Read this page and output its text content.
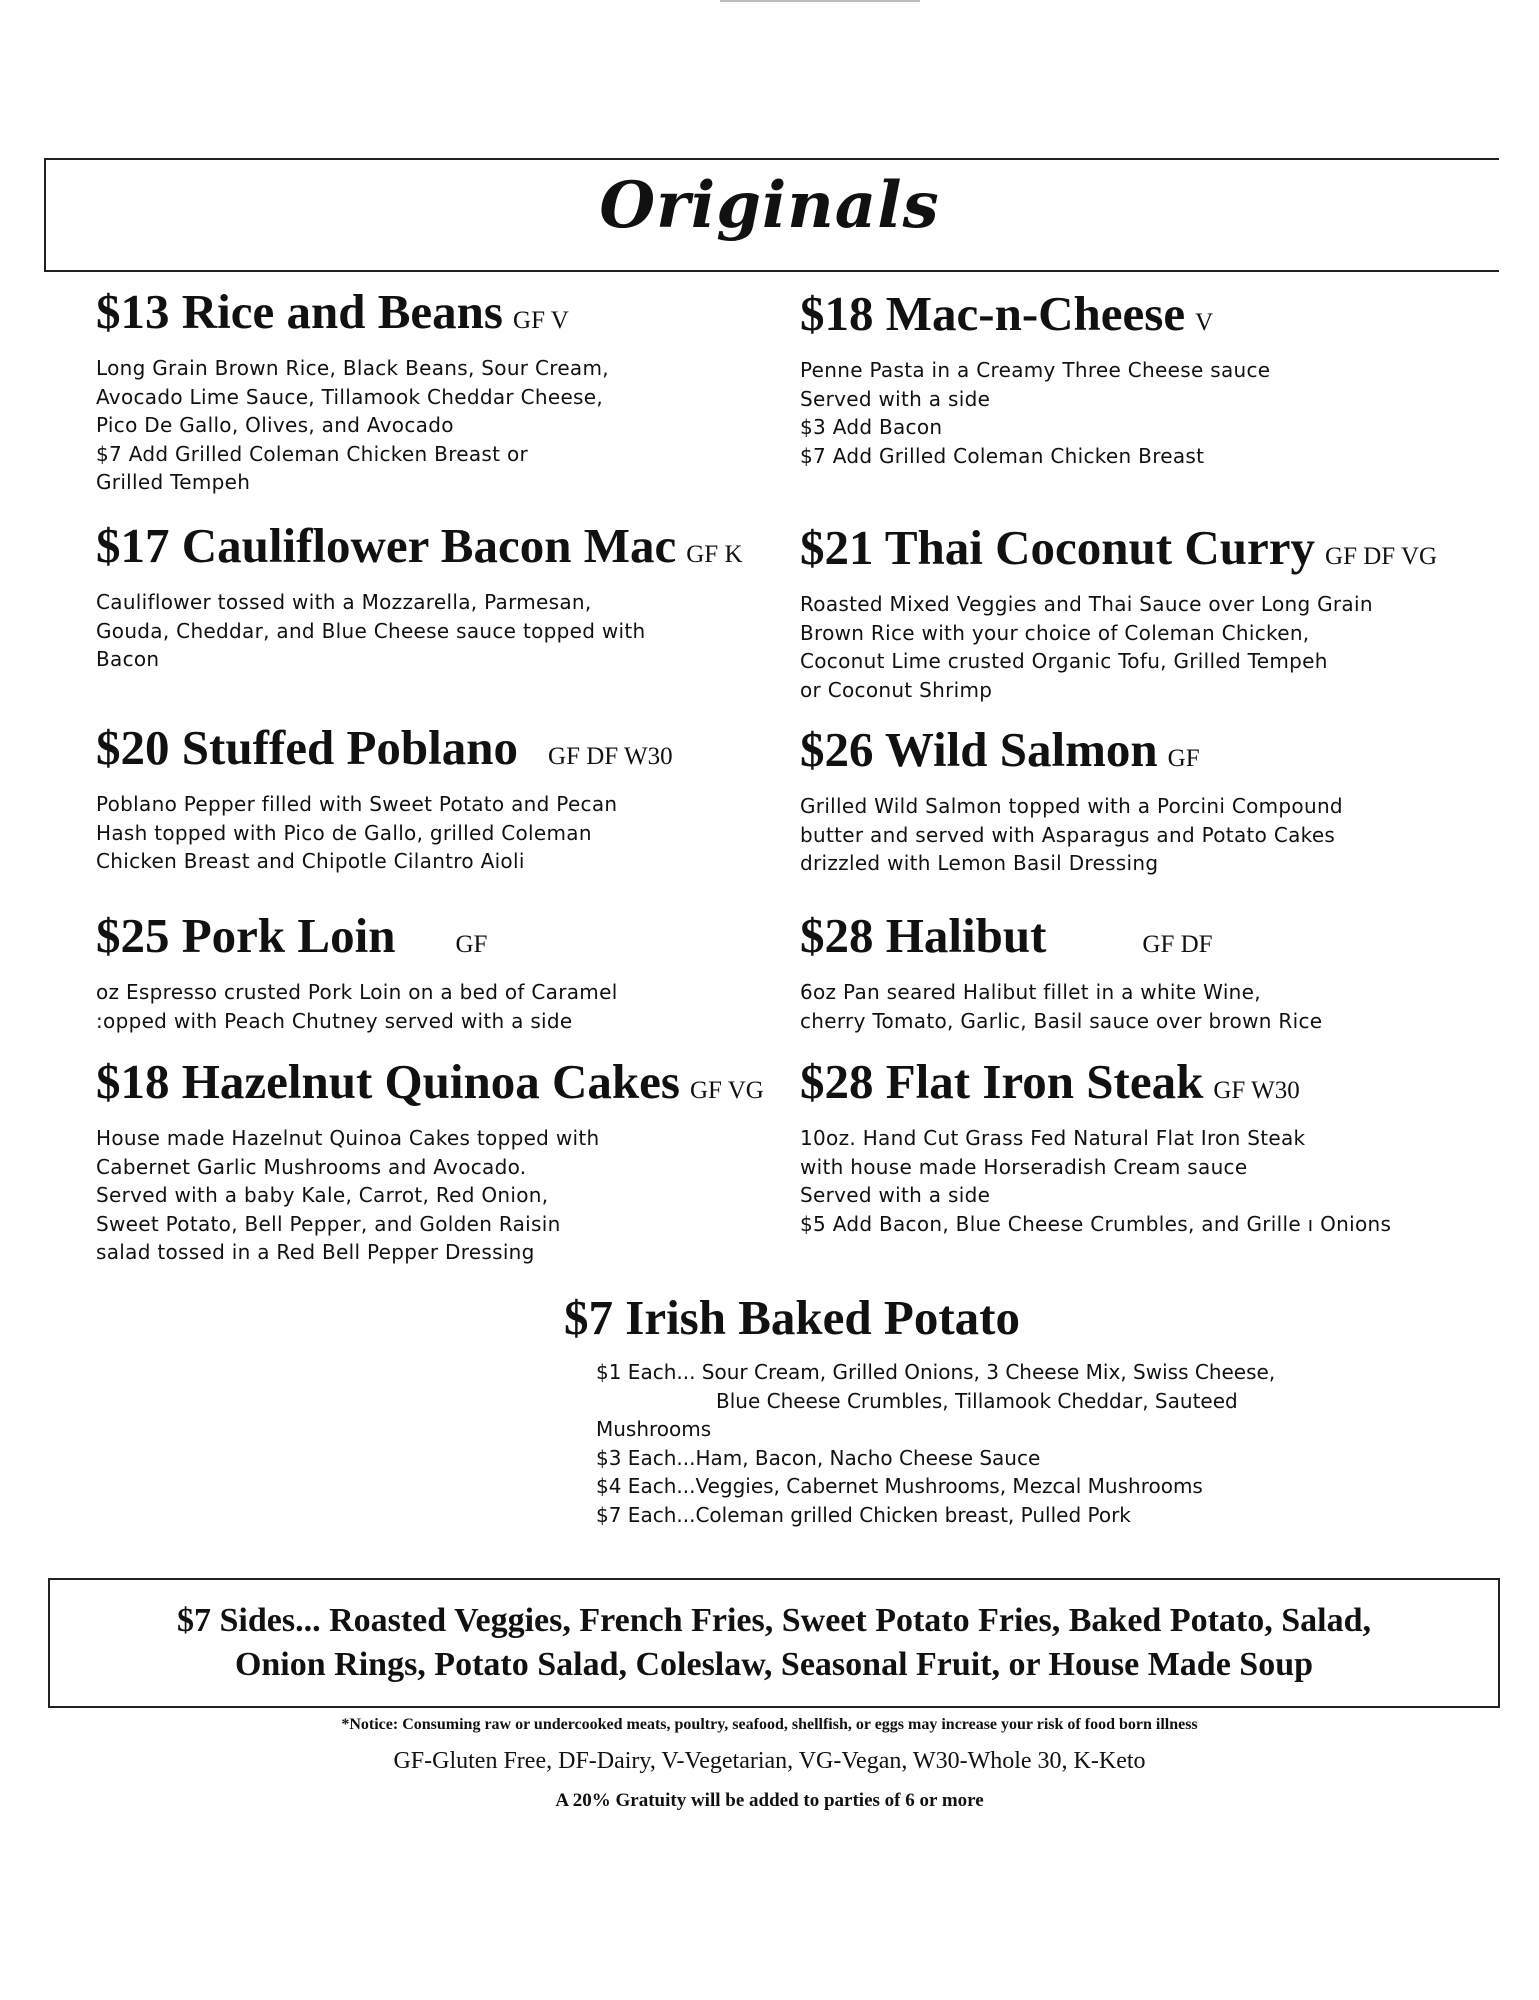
Originals
$13 Rice and Beans GF V
Long Grain Brown Rice, Black Beans, Sour Cream,
Avocado Lime Sauce, Tillamook Cheddar Cheese,
Pico De Gallo, Olives, and Avocado
$7 Add Grilled Coleman Chicken Breast or
Grilled Tempeh
$18 Mac-n-Cheese V
Penne Pasta in a Creamy Three Cheese sauce
Served with a side
$3 Add Bacon
$7 Add Grilled Coleman Chicken Breast
$17 Cauliflower Bacon Mac GF K
Cauliflower tossed with a Mozzarella, Parmesan,
Gouda, Cheddar, and Blue Cheese sauce topped with
Bacon
$21 Thai Coconut Curry GF DF VG
Roasted Mixed Veggies and Thai Sauce over Long Grain
Brown Rice with your choice of Coleman Chicken,
Coconut Lime crusted Organic Tofu, Grilled Tempeh
or Coconut Shrimp
$20 Stuffed Poblano GF DF W30
Poblano Pepper filled with Sweet Potato and Pecan
Hash topped with Pico de Gallo, grilled Coleman
Chicken Breast and Chipotle Cilantro Aioli
$26 Wild Salmon GF
Grilled Wild Salmon topped with a Porcini Compound
butter and served with Asparagus and Potato Cakes
drizzled with Lemon Basil Dressing
$25 Pork Loin GF
oz Espresso crusted Pork Loin on a bed of Caramel
:opped with Peach Chutney served with a side
$28 Halibut	GF DF
6oz Pan seared Halibut fillet in a white Wine,
cherry Tomato, Garlic, Basil sauce over brown Rice
$18 Hazelnut Quinoa Cakes GF VG
House made Hazelnut Quinoa Cakes topped with
Cabernet Garlic Mushrooms and Avocado.
Served with a baby Kale, Carrot, Red Onion,
Sweet Potato, Bell Pepper, and Golden Raisin
salad tossed in a Red Bell Pepper Dressing
$28 Flat Iron Steak GF W30
10oz. Hand Cut Grass Fed Natural Flat Iron Steak
with house made Horseradish Cream sauce
Served with a side
$5 Add Bacon, Blue Cheese Crumbles, and Grille ı Onions
$7 Irish Baked Potato
$1 Each... Sour Cream, Grilled Onions, 3 Cheese Mix, Swiss Cheese,
Blue Cheese Crumbles, Tillamook Cheddar, Sauteed
Mushrooms
$3 Each...Ham, Bacon, Nacho Cheese Sauce
$4 Each...Veggies, Cabernet Mushrooms, Mezcal Mushrooms
$7 Each...Coleman grilled Chicken breast, Pulled Pork
$7 Sides... Roasted Veggies, French Fries, Sweet Potato Fries, Baked Potato, Salad,
Onion Rings, Potato Salad, Coleslaw, Seasonal Fruit, or House Made Soup
*Notice: Consuming raw or undercooked meats, poultry, seafood, shellfish, or eggs may increase your risk of food born illness
GF-Gluten Free, DF-Dairy, V-Vegetarian, VG-Vegan, W30-Whole 30, K-Keto
A 20% Gratuity will be added to parties of 6 or more
